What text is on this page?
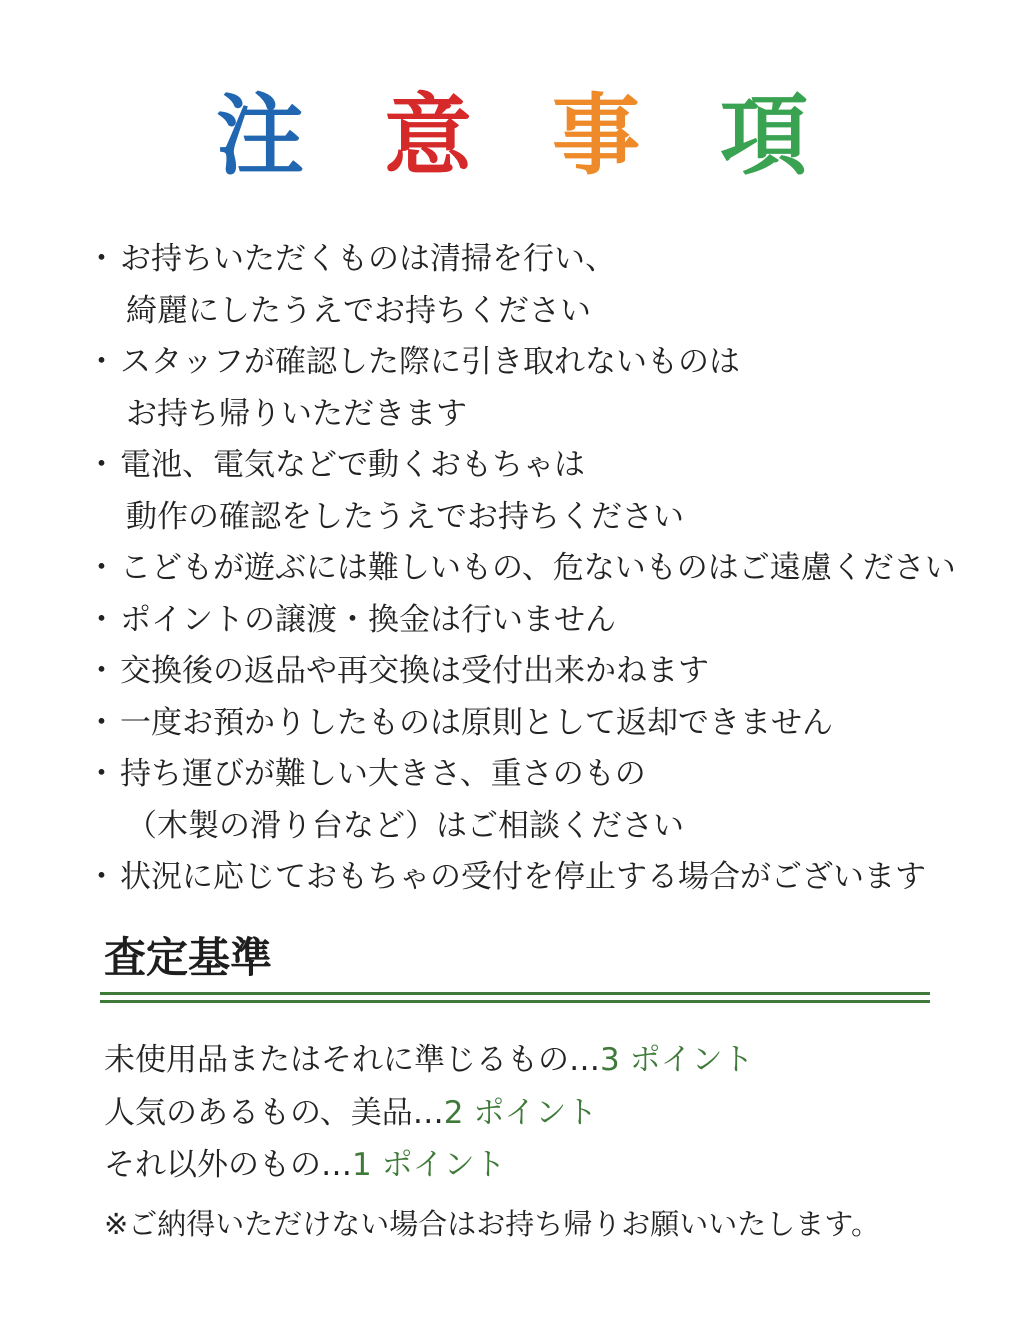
注 意 事 項
・ お持ちいただくものは清掃を行い、
綺麗にしたうえでお持ちください
・ スタッフが確認した際に引き取れないものは
お持ち帰りいただきます
・ 電池、電気などで動くおもちゃは
動作の確認をしたうえでお持ちください
・ こどもが遊ぶには難しいもの、危ないものはご遠慮ください
・ ポイントの譲渡・換金は行いません
・ 交換後の返品や再交換は受付出来かねます
・ 一度お預かりしたものは原則として返却できません
・ 持ち運びが難しい大きさ、重さのもの
（木製の滑り台など）はご相談ください
・ 状況に応じておもちゃの受付を停止する場合がございます
査定基準
未使用品またはそれに準じるもの…3 ポイント
人気のあるもの、美品…2 ポイント
それ以外のもの…1 ポイント
※ご納得いただけない場合はお持ち帰りお願いいたします。
